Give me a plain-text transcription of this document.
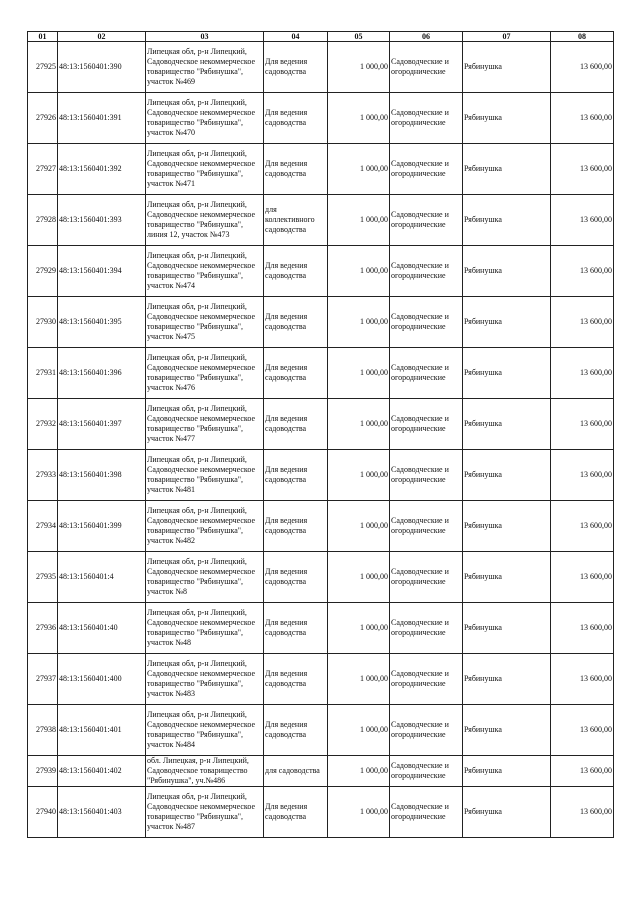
01	02	03	04	05	06	07	08
27925	48:13:1560401:390	Липецкая обл, р-н Липецкий, Садоводческое некоммерческое товарищество "Рябинушка", участок №469	Для ведения садоводства	1 000,00	Садоводческие и огороднические	Рябинушка	13 600,00
27926	48:13:1560401:391	Липецкая обл, р-н Липецкий, Садоводческое некоммерческое товарищество "Рябинушка", участок №470	Для ведения садоводства	1 000,00	Садоводческие и огороднические	Рябинушка	13 600,00
27927	48:13:1560401:392	Липецкая обл, р-н Липецкий, Садоводческое некоммерческое товарищество "Рябинушка", участок №471	Для ведения садоводства	1 000,00	Садоводческие и огороднические	Рябинушка	13 600,00
27928	48:13:1560401:393	Липецкая обл, р-н Липецкий, Садоводческое некоммерческое товарищество "Рябинушка", линия 12, участок №473	для коллективного садоводства	1 000,00	Садоводческие и огороднические	Рябинушка	13 600,00
27929	48:13:1560401:394	Липецкая обл, р-н Липецкий, Садоводческое некоммерческое товарищество "Рябинушка", участок №474	Для ведения садоводства	1 000,00	Садоводческие и огороднические	Рябинушка	13 600,00
27930	48:13:1560401:395	Липецкая обл, р-н Липецкий, Садоводческое некоммерческое товарищество "Рябинушка", участок №475	Для ведения садоводства	1 000,00	Садоводческие и огороднические	Рябинушка	13 600,00
27931	48:13:1560401:396	Липецкая обл, р-н Липецкий, Садоводческое некоммерческое товарищество "Рябинушка", участок №476	Для ведения садоводства	1 000,00	Садоводческие и огороднические	Рябинушка	13 600,00
27932	48:13:1560401:397	Липецкая обл, р-н Липецкий, Садоводческое некоммерческое товарищество "Рябинушка", участок №477	Для ведения садоводства	1 000,00	Садоводческие и огороднические	Рябинушка	13 600,00
27933	48:13:1560401:398	Липецкая обл, р-н Липецкий, Садоводческое некоммерческое товарищество "Рябинушка", участок №481	Для ведения садоводства	1 000,00	Садоводческие и огороднические	Рябинушка	13 600,00
27934	48:13:1560401:399	Липецкая обл, р-н Липецкий, Садоводческое некоммерческое товарищество "Рябинушка", участок №482	Для ведения садоводства	1 000,00	Садоводческие и огороднические	Рябинушка	13 600,00
27935	48:13:1560401:4	Липецкая обл, р-н Липецкий, Садоводческое некоммерческое товарищество "Рябинушка", участок №8	Для ведения садоводства	1 000,00	Садоводческие и огороднические	Рябинушка	13 600,00
27936	48:13:1560401:40	Липецкая обл, р-н Липецкий, Садоводческое некоммерческое товарищество "Рябинушка", участок №48	Для ведения садоводства	1 000,00	Садоводческие и огороднические	Рябинушка	13 600,00
27937	48:13:1560401:400	Липецкая обл, р-н Липецкий, Садоводческое некоммерческое товарищество "Рябинушка", участок №483	Для ведения садоводства	1 000,00	Садоводческие и огороднические	Рябинушка	13 600,00
27938	48:13:1560401:401	Липецкая обл, р-н Липецкий, Садоводческое некоммерческое товарищество "Рябинушка", участок №484	Для ведения садоводства	1 000,00	Садоводческие и огороднические	Рябинушка	13 600,00
27939	48:13:1560401:402	обл. Липецкая, р-н Липецкий, Садоводческое товарищество "Рябинушка", уч.№486	для садоводства	1 000,00	Садоводческие и огороднические	Рябинушка	13 600,00
27940	48:13:1560401:403	Липецкая обл, р-н Липецкий, Садоводческое некоммерческое товарищество "Рябинушка", участок №487	Для ведения садоводства	1 000,00	Садоводческие и огороднические	Рябинушка	13 600,00
